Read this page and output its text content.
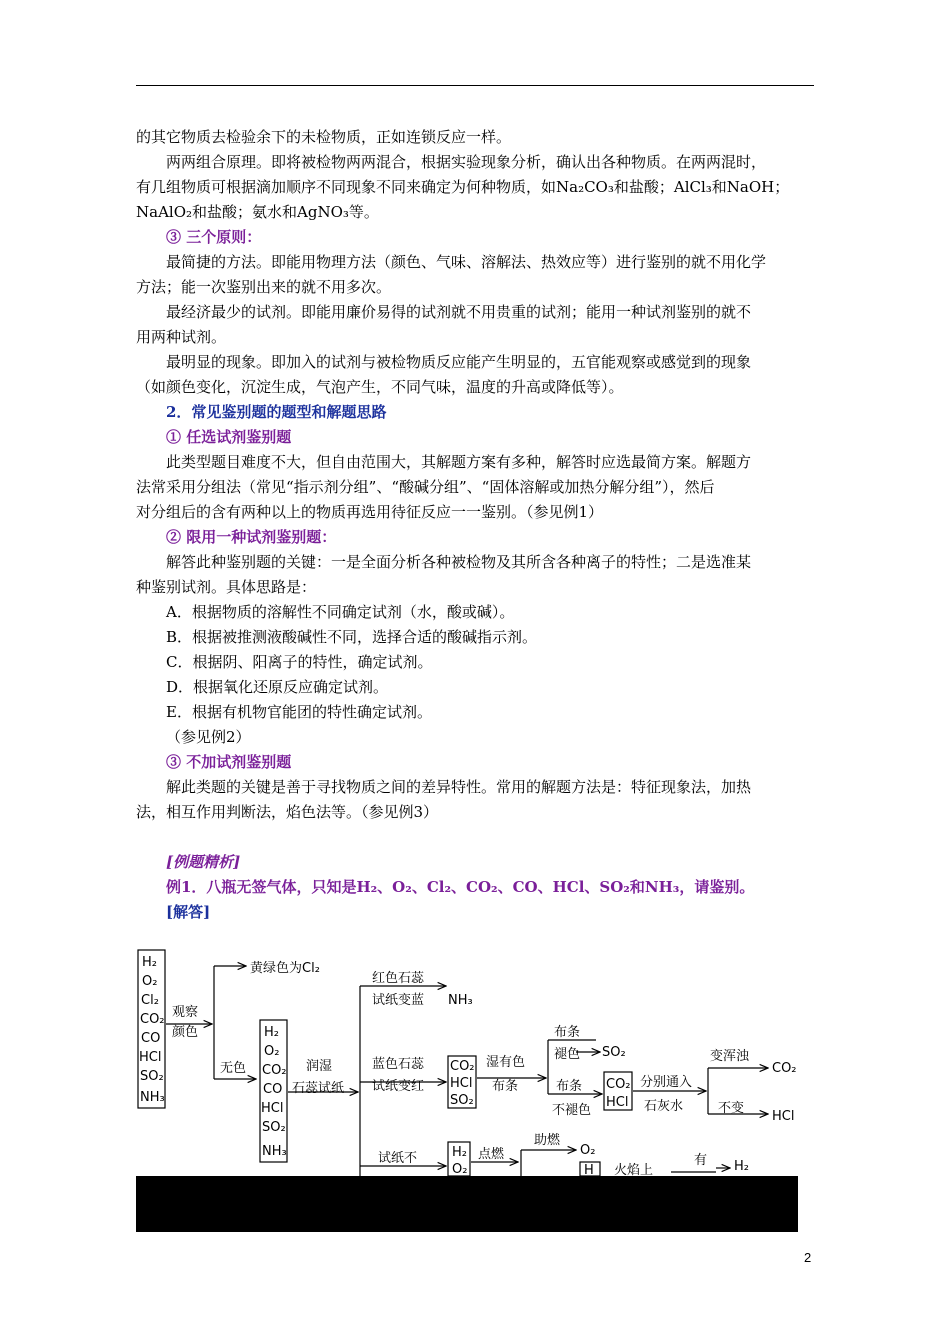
的其它物质去检验余下的未检物质，正如连锁反应一样。
两两组合原理。即将被检物两两混合，根据实验现象分析，确认出各种物质。在两两混时，
有几组物质可根据滴加顺序不同现象不同来确定为何种物质，如Na₂CO₃和盐酸；AlCl₃和NaOH；
NaAlO₂和盐酸；氨水和AgNO₃等。
③ 三个原则：
最简捷的方法。即能用物理方法（颜色、气味、溶解法、热效应等）进行鉴别的就不用化学
方法；能一次鉴别出来的就不用多次。
最经济最少的试剂。即能用廉价易得的试剂就不用贵重的试剂；能用一种试剂鉴别的就不
用两种试剂。
最明显的现象。即加入的试剂与被检物质反应能产生明显的，五官能观察或感觉到的现象
（如颜色变化，沉淀生成，气泡产生，不同气味，温度的升高或降低等）。
2．常见鉴别题的题型和解题思路
① 任选试剂鉴别题
此类型题目难度不大，但自由范围大，其解题方案有多种，解答时应选最简方案。解题方
法常采用分组法（常见“指示剂分组”、“酸碱分组”、“固体溶解或加热分解分组”），然后
对分组后的含有两种以上的物质再选用待征反应一一鉴别。（参见例1）
② 限用一种试剂鉴别题：
解答此种鉴别题的关键：一是全面分析各种被检物及其所含各种离子的特性；二是选准某
种鉴别试剂。具体思路是：
A．根据物质的溶解性不同确定试剂（水，酸或碱）。
B．根据被推测液酸碱性不同，选择合适的酸碱指示剂。
C．根据阴、阳离子的特性，确定试剂。
D．根据氧化还原反应确定试剂。
E．根据有机物官能团的特性确定试剂。
（参见例2）
③ 不加试剂鉴别题
解此类题的关键是善于寻找物质之间的差异特性。常用的解题方法是：特征现象法，加热
法，相互作用判断法，焰色法等。（参见例3）
[例题精析]
例1．八瓶无签气体，只知是H₂、O₂、Cl₂、CO₂、CO、HCl、SO₂和NH₃，请鉴别。
[解答]
H₂
O₂
Cl₂
CO₂
CO
HCl
SO₂
NH₃
观察
颜色
黄绿色为Cl₂
无色
H₂
O₂
CO₂
CO
HCl
SO₂
NH₃
润湿
石蕊试纸
红色石蕊
试纸变蓝 NH₃
蓝色石蕊
试纸变红
CO₂
HCl
SO₂
湿有色
布条
布条
褪色 SO₂
布条
不褪色
CO₂
HCl
分别通入
石灰水
变浑浊
CO₂
不变
HCl
试纸不	H₂
O₂
点燃
助燃
O₂
H 火焰上
有 H₂
2
